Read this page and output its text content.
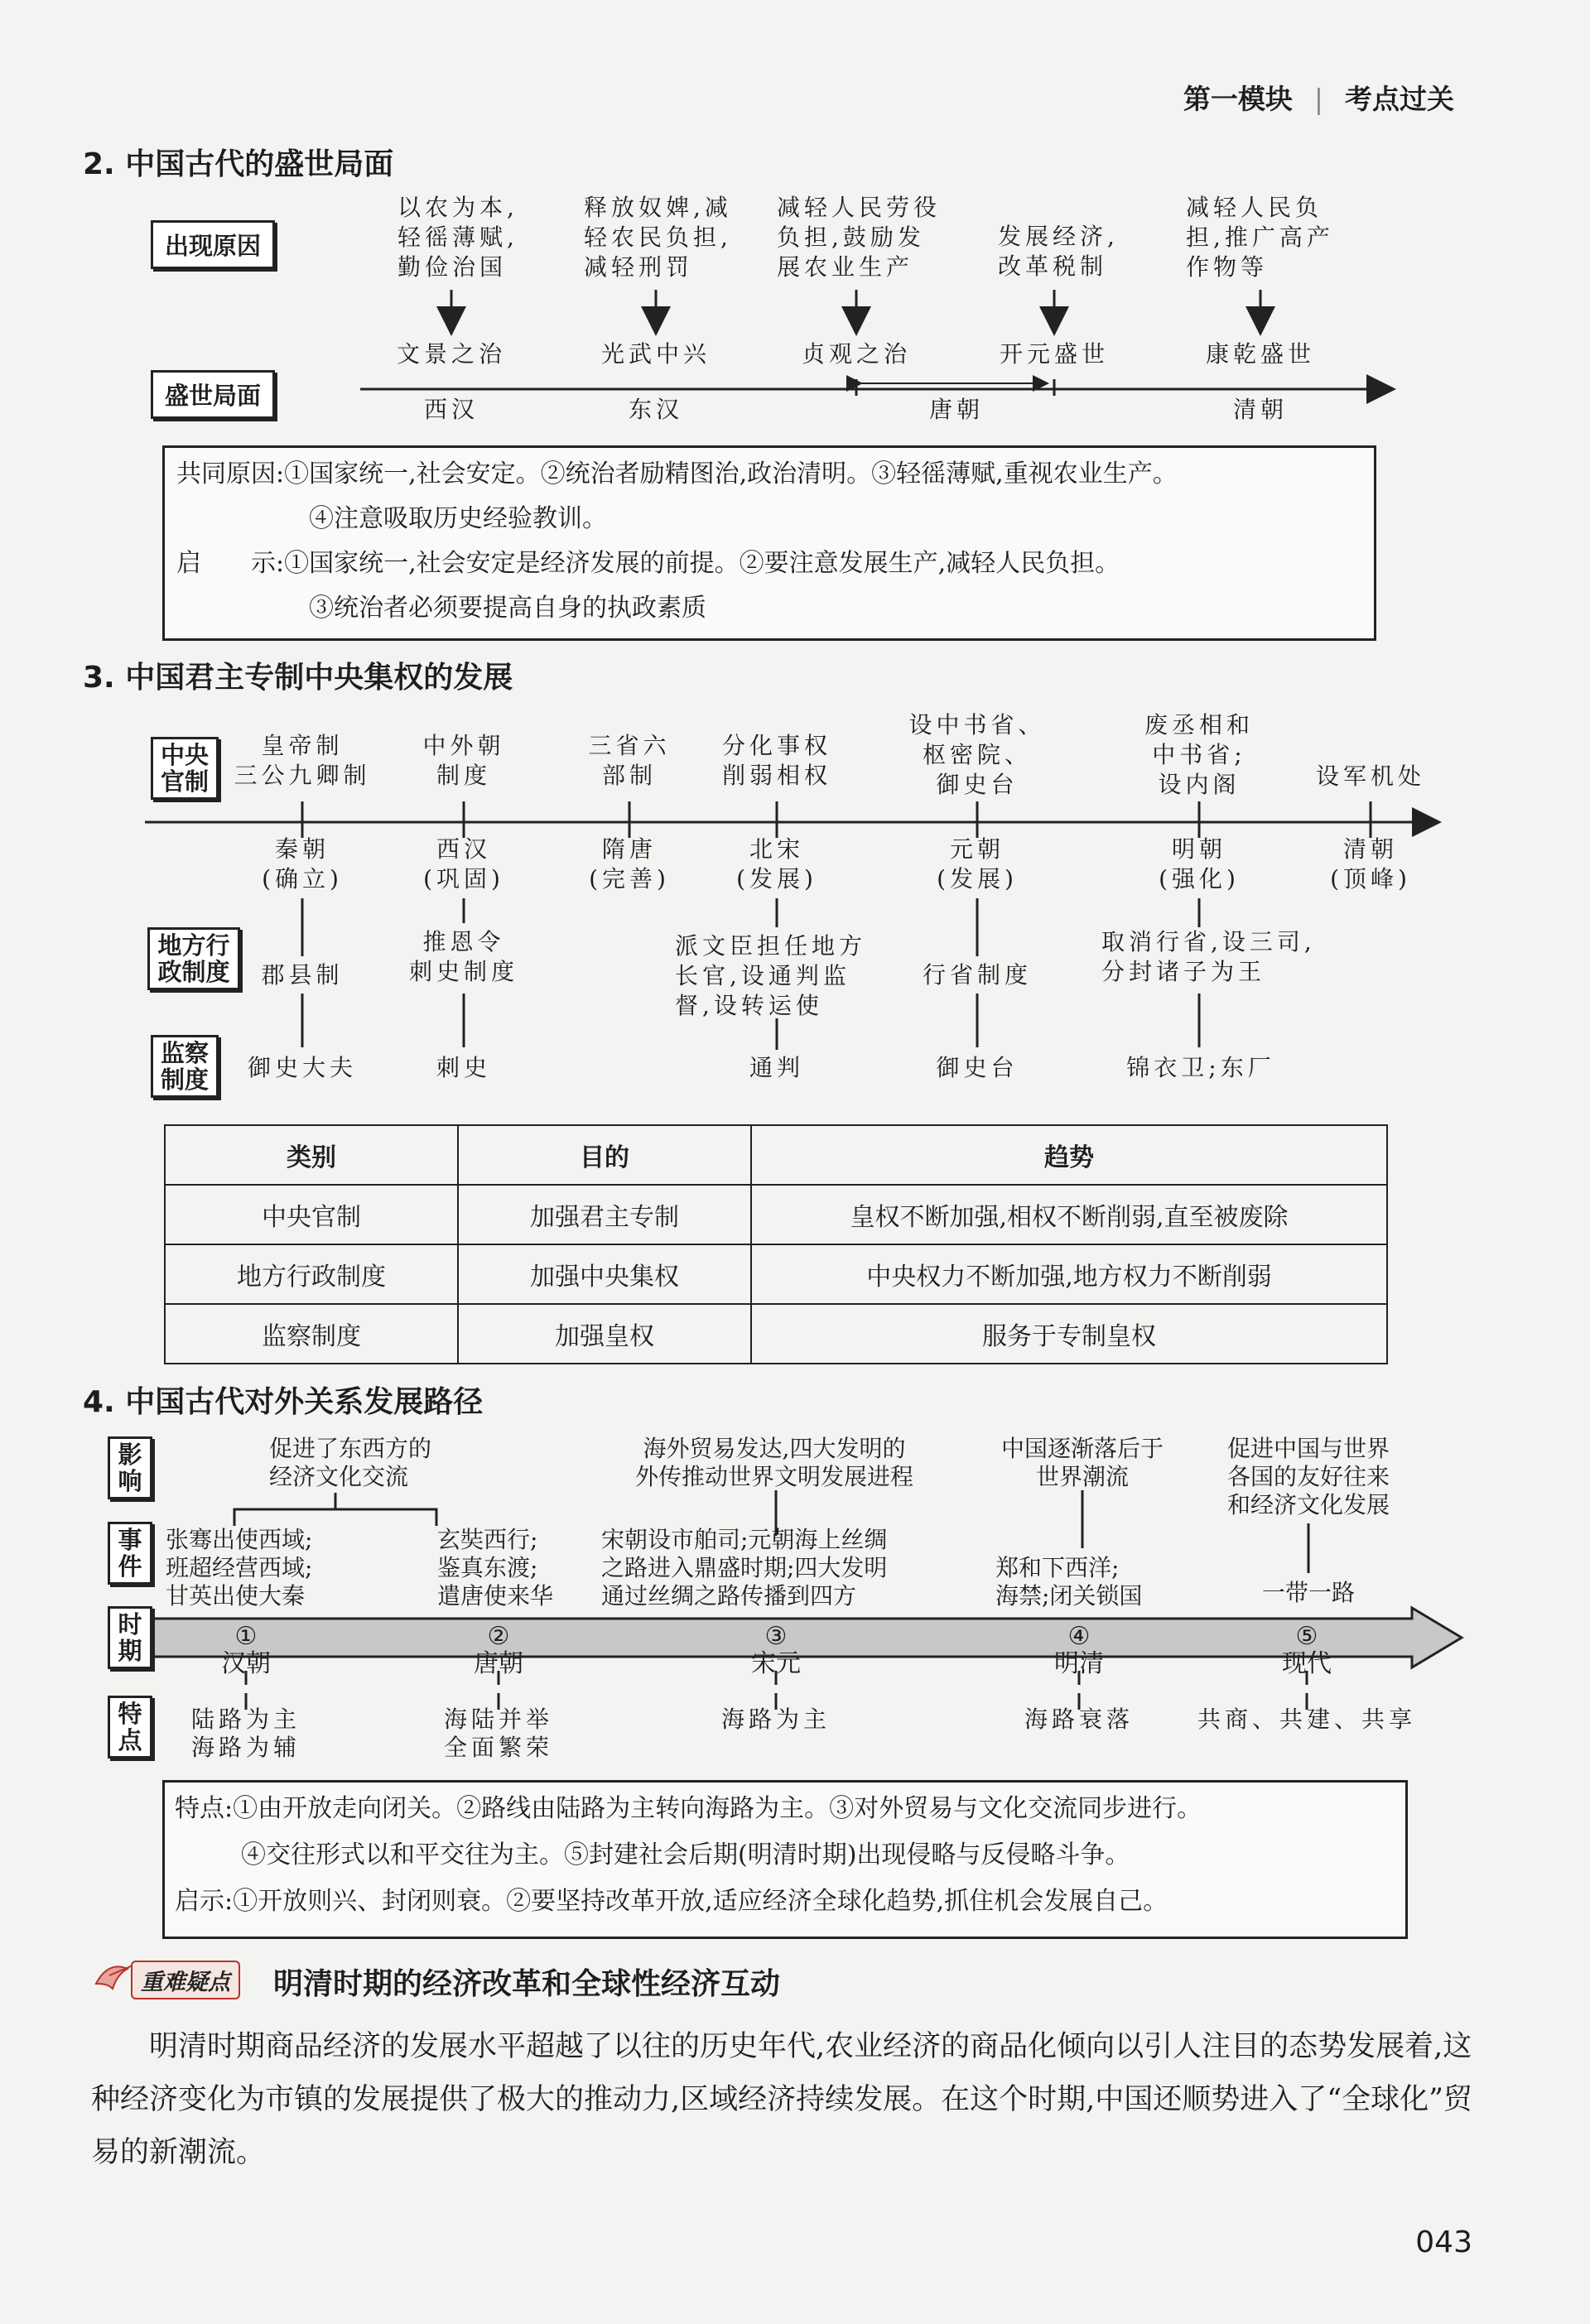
第一模块 | 考点过关
2. 中国古代的盛世局面
出现原因
盛世局面
以农为本,
轻徭薄赋,
勤俭治国
释放奴婢,减
轻农民负担,
减轻刑罚
减轻人民劳役
负担,鼓励发
展农业生产
发展经济,
改革税制
减轻人民负
担,推广高产
作物等
文景之治	光武中兴	贞观之治	开元盛世	康乾盛世
西汉	东汉	唐朝	清朝
共同原因:①国家统一,社会安定。②统治者励精图治,政治清明。③轻徭薄赋,重视农业生产。
④注意吸取历史经验教训。
启　　示:①国家统一,社会安定是经济发展的前提。②要注意发展生产,减轻人民负担。
③统治者必须要提高自身的执政素质
3. 中国君主专制中央集权的发展
中央官制
地方行政制度
监察制度
皇帝制
三公九卿制
中外朝
制度
三省六
部制
分化事权
削弱相权
设中书省、
枢密院、
御史台
废丞相和
中书省;
设内阁	设军机处
秦朝
(确立)
西汉
(巩固)
隋唐
(完善)
北宋
(发展)
元朝
(发展)
明朝
(强化)
清朝
(顶峰)
郡县制
推恩令
刺史制度
派文臣担任地方
长官,设通判监
督,设转运使
行省制度
取消行省,设三司,
分封诸子为王
御史大夫	刺史	通判	御史台	锦衣卫;东厂
类别	目的	趋势
中央官制	加强君主专制	皇权不断加强,相权不断削弱,直至被废除
地方行政制度	加强中央集权	中央权力不断加强,地方权力不断削弱
监察制度	加强皇权	服务于专制皇权
4. 中国古代对外关系发展路径
影响
事件
时期
特点
促进了东西方的
经济文化交流
海外贸易发达,四大发明的
外传推动世界文明发展进程
中国逐渐落后于
世界潮流
促进中国与世界
各国的友好往来
和经济文化发展
张骞出使西域;
班超经营西域;
甘英出使大秦
玄奘西行;
鉴真东渡;
遣唐使来华
宋朝设市舶司;元朝海上丝绸
之路进入鼎盛时期;四大发明
通过丝绸之路传播到四方
郑和下西洋;
海禁;闭关锁国	一带一路
①	②	③	④	⑤
汉朝	唐朝	宋元	明清	现代
陆路为主
海路为辅
海陆并举
全面繁荣
海路为主	海路衰落	共商、共建、共享
特点:①由开放走向闭关。②路线由陆路为主转向海路为主。③对外贸易与文化交流同步进行。
④交往形式以和平交往为主。⑤封建社会后期(明清时期)出现侵略与反侵略斗争。
启示:①开放则兴、封闭则衰。②要坚持改革开放,适应经济全球化趋势,抓住机会发展自己。
重难疑点	明清时期的经济改革和全球性经济互动
明清时期商品经济的发展水平超越了以往的历史年代,农业经济的商品化倾向以引人注目的态势发展着,这种经济变化为市镇的发展提供了极大的推动力,区域经济持续发展。在这个时期,中国还顺势进入了“全球化”贸易的新潮流。
043
